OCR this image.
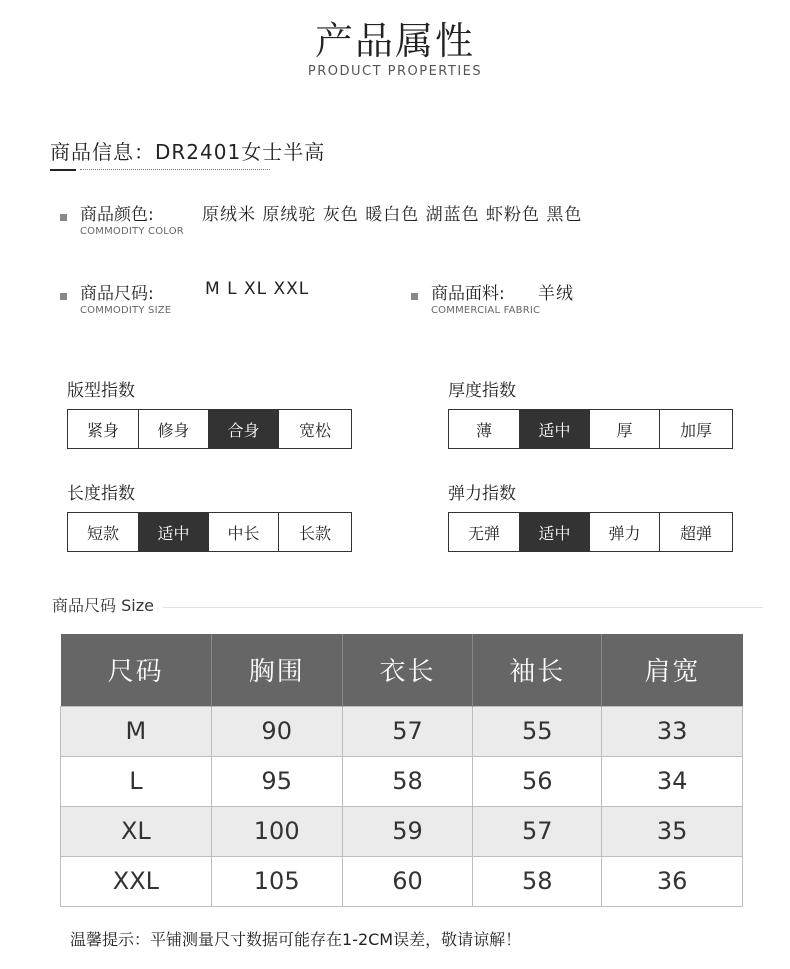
产品属性
PRODUCT PROPERTIES
商品信息：DR2401女士半高
商品颜色:
COMMODITY COLOR
原绒米 原绒驼 灰色 暖白色 湖蓝色 虾粉色 黑色
商品尺码:
COMMODITY SIZE
M L XL XXL	商品面料:
COMMERCIAL FABRIC
羊绒
版型指数
紧身	修身	合身	宽松
厚度指数
薄	适中	厚	加厚
长度指数
短款	适中	中长	长款
弹力指数
无弹	适中	弹力	超弹
商品尺码 Size
尺码	胸围	衣长	袖长	肩宽
M	90	57	55	33
L	95	58	56	34
XL	100	59	57	35
XXL	105	60	58	36
温馨提示：平铺测量尺寸数据可能存在1-2CM误差，敬请谅解！
